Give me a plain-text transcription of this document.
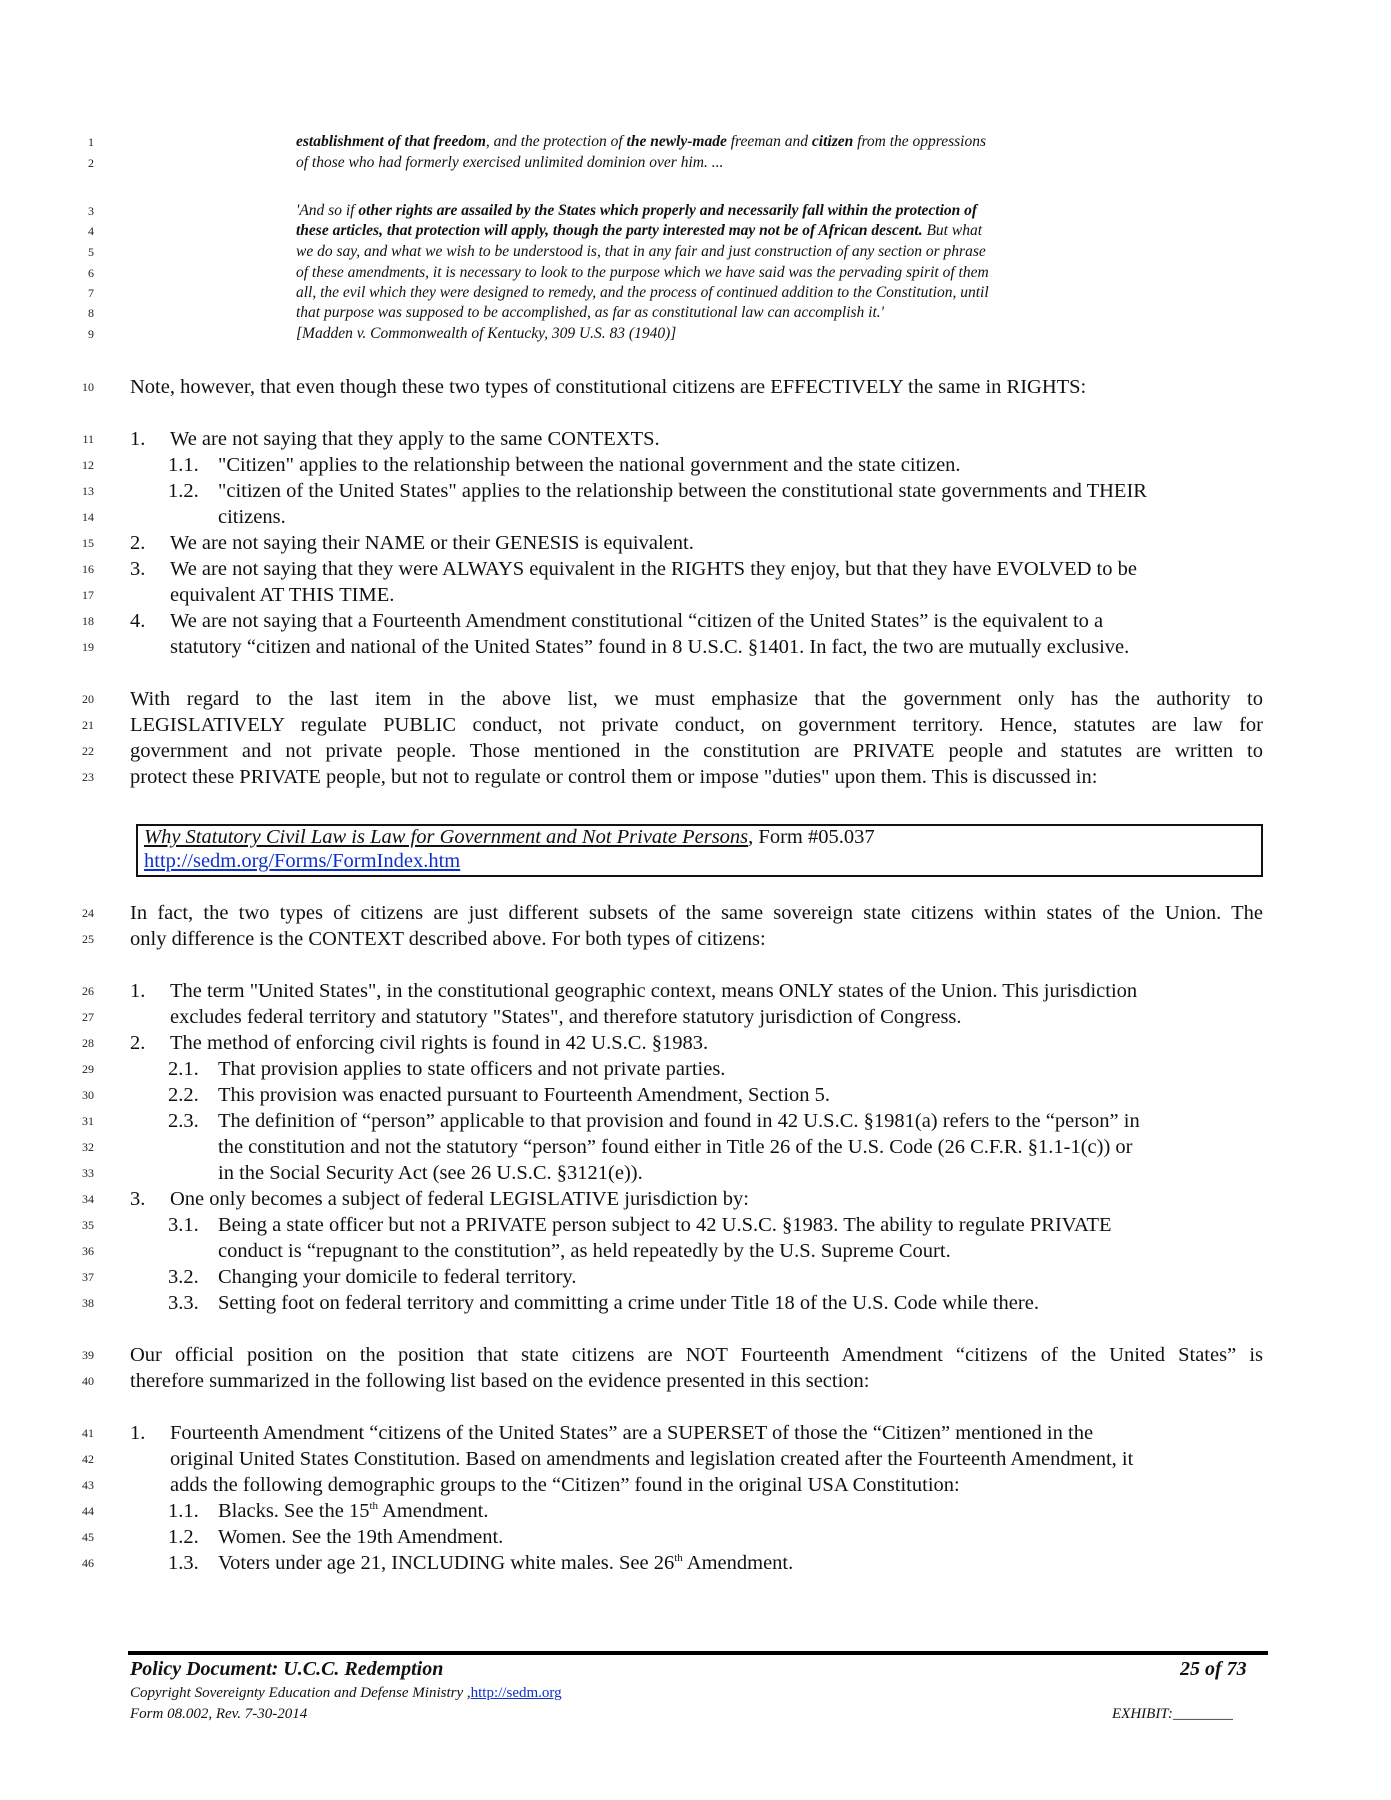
1
2
3
4
5
6
7
8
9
10
11
12
13
14
15
16
17
18
19
20
21
22
23
24
25
26
27
28
29
30
31
32
33
34
35
36
37
38
39
40
41
42
43
44
45
46
establishment of that freedom, and the protection of the newly-made freeman and citizen from the oppressions
of those who had formerly exercised unlimited dominion over him. ...
'And so if other rights are assailed by the States which properly and necessarily fall within the protection of
these articles, that protection will apply, though the party interested may not be of African descent. But what
we do say, and what we wish to be understood is, that in any fair and just construction of any section or phrase
of these amendments, it is necessary to look to the purpose which we have said was the pervading spirit of them
all, the evil which they were designed to remedy, and the process of continued addition to the Constitution, until
that purpose was supposed to be accomplished, as far as constitutional law can accomplish it.'
[Madden v. Commonwealth of Kentucky, 309 U.S. 83 (1940)]
Note, however, that even though these two types of constitutional citizens are EFFECTIVELY the same in RIGHTS:
1. We are not saying that they apply to the same CONTEXTS.
1.1. "Citizen" applies to the relationship between the national government and the state citizen.
1.2. "citizen of the United States" applies to the relationship between the constitutional state governments and THEIR
citizens.
2. We are not saying their NAME or their GENESIS is equivalent.
3. We are not saying that they were ALWAYS equivalent in the RIGHTS they enjoy, but that they have EVOLVED to be
equivalent AT THIS TIME.
4. We are not saying that a Fourteenth Amendment constitutional “citizen of the United States” is the equivalent to a
statutory “citizen and national of the United States” found in 8 U.S.C. §1401. In fact, the two are mutually exclusive.
With regard to the last item in the above list, we must emphasize that the government only has the authority to
LEGISLATIVELY regulate PUBLIC conduct, not private conduct, on government territory. Hence, statutes are law for
government and not private people. Those mentioned in the constitution are PRIVATE people and statutes are written to
protect these PRIVATE people, but not to regulate or control them or impose "duties" upon them. This is discussed in:
Why Statutory Civil Law is Law for Government and Not Private Persons, Form #05.037
http://sedm.org/Forms/FormIndex.htm
In fact, the two types of citizens are just different subsets of the same sovereign state citizens within states of the Union. The
only difference is the CONTEXT described above. For both types of citizens:
1. The term "United States", in the constitutional geographic context, means ONLY states of the Union. This jurisdiction
excludes federal territory and statutory "States", and therefore statutory jurisdiction of Congress.
2. The method of enforcing civil rights is found in 42 U.S.C. §1983.
2.1. That provision applies to state officers and not private parties.
2.2. This provision was enacted pursuant to Fourteenth Amendment, Section 5.
2.3. The definition of “person” applicable to that provision and found in 42 U.S.C. §1981(a) refers to the “person” in
the constitution and not the statutory “person” found either in Title 26 of the U.S. Code (26 C.F.R. §1.1-1(c)) or
in the Social Security Act (see 26 U.S.C. §3121(e)).
3. One only becomes a subject of federal LEGISLATIVE jurisdiction by:
3.1. Being a state officer but not a PRIVATE person subject to 42 U.S.C. §1983. The ability to regulate PRIVATE
conduct is “repugnant to the constitution”, as held repeatedly by the U.S. Supreme Court.
3.2. Changing your domicile to federal territory.
3.3. Setting foot on federal territory and committing a crime under Title 18 of the U.S. Code while there.
Our official position on the position that state citizens are NOT Fourteenth Amendment “citizens of the United States” is
therefore summarized in the following list based on the evidence presented in this section:
1. Fourteenth Amendment “citizens of the United States” are a SUPERSET of those the “Citizen” mentioned in the
original United States Constitution. Based on amendments and legislation created after the Fourteenth Amendment, it
adds the following demographic groups to the “Citizen” found in the original USA Constitution:
1.1. Blacks. See the 15th Amendment.
1.2. Women. See the 19th Amendment.
1.3. Voters under age 21, INCLUDING white males. See 26th Amendment.
Policy Document: U.C.C. Redemption	25 of 73
Copyright Sovereignty Education and Defense Ministry ,http://sedm.org
Form 08.002, Rev. 7-30-2014	EXHIBIT:________
